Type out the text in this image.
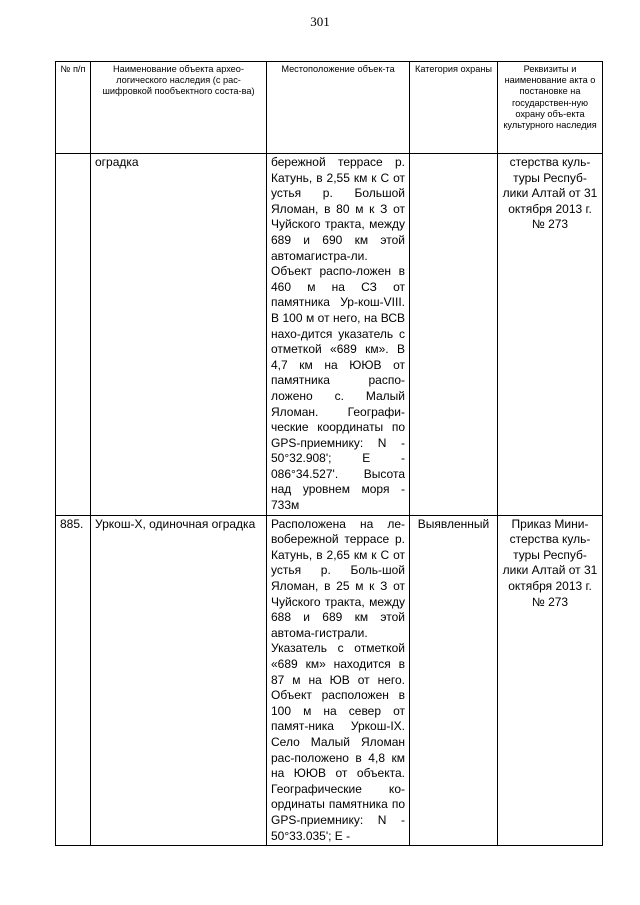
301
№ п/п	Наименование объекта архео-логического наследия (с рас-шифровкой пообъектного соста-ва)	Местоположение объек-та	Категория охраны	Реквизиты и наименование акта о постановке на государствен-ную охрану объ-екта культурного наследия
	оградка	бережной террасе р. Катунь, в 2,55 км к С от устья р. Большой Яломан, в 80 м к З от Чуйского тракта, между 689 и 690 км этой автомагистра-ли. Объект распо-ложен в 460 м на СЗ от памятника Ур-кош-VIII. В 100 м от него, на ВСВ нахо-дится указатель с отметкой «689 км». В 4,7 км на ЮЮВ от памятника распо-ложено с. Малый Яломан. Географи-ческие координаты по GPS-приемнику: N - 50°32.908'; Е - 086°34.527'. Высота над уровнем моря - 733м		стерства куль-туры Респуб-лики Алтай от 31 октября 2013 г. № 273
885.	Уркош-Х, одиночная оградка	Расположена на ле-вобережной террасе р. Катунь, в 2,65 км к С от устья р. Боль-шой Яломан, в 25 м к З от Чуйского тракта, между 688 и 689 км этой автома-гистрали. Указатель с отметкой «689 км» находится в 87 м на ЮВ от него. Объект расположен в 100 м на север от памят-ника Уркош-IX. Село Малый Яломан рас-положено в 4,8 км на ЮЮВ от объекта. Географические ко-ординаты памятника по GPS-приемнику: N - 50°33.035'; Е -	Выявленный	Приказ Мини-стерства куль-туры Респуб-лики Алтай от 31 октября 2013 г. № 273
